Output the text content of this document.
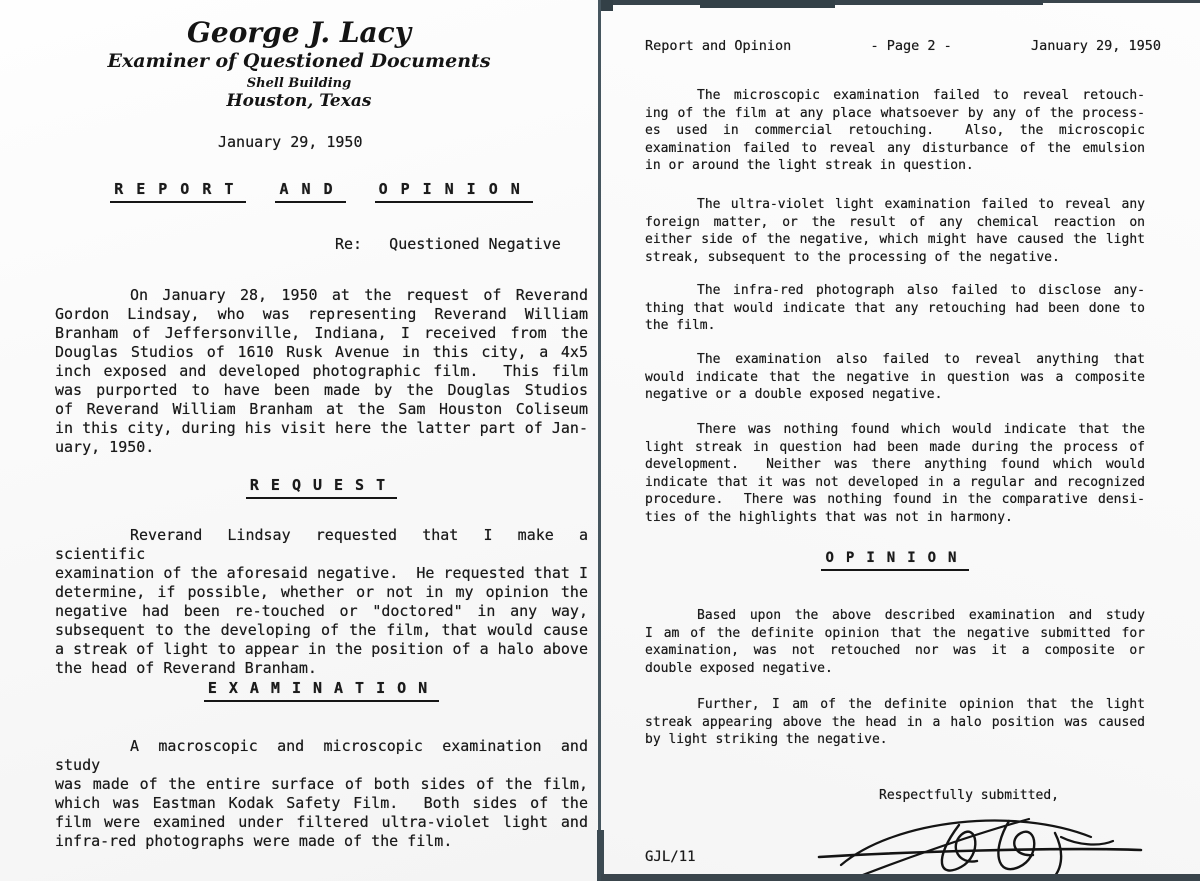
George J. Lacy
Examiner of Questioned Documents
Shell Building
Houston, Texas
January 29, 1950
REPORT AND OPINION
Re:   Questioned Negative
On January 28, 1950 at the request of Reverand
Gordon Lindsay, who was representing Reverand William
Branham of Jeffersonville, Indiana, I received from the
Douglas Studios of 1610 Rusk Avenue in this city, a 4x5
inch exposed and developed photographic film.  This film
was purported to have been made by the Douglas Studios
of Reverand William Branham at the Sam Houston Coliseum
in this city, during his visit here the latter part of Jan-
uary, 1950.
REQUEST
Reverand Lindsay requested that I make a scientific
examination of the aforesaid negative.  He requested that I
determine, if possible, whether or not in my opinion the
negative had been re-touched or "doctored" in any way,
subsequent to the developing of the film, that would cause
a streak of light to appear in the position of a halo above
the head of Reverand Branham.
EXAMINATION
A macroscopic and microscopic examination and study
was made of the entire surface of both sides of the film,
which was Eastman Kodak Safety Film.  Both sides of the
film were examined under filtered ultra-violet light and
infra-red photographs were made of the film.
Report and Opinion	- Page 2 -	January 29, 1950
The microscopic examination failed to reveal retouch-
ing of the film at any place whatsoever by any of the process-
es used in commercial retouching.  Also, the microscopic
examination failed to reveal any disturbance of the emulsion
in or around the light streak in question.
The ultra-violet light examination failed to reveal any
foreign matter, or the result of any chemical reaction on
either side of the negative, which might have caused the light
streak, subsequent to the processing of the negative.
The infra-red photograph also failed to disclose any-
thing that would indicate that any retouching had been done to
the film.
The examination also failed to reveal anything that
would indicate that the negative in question was a composite
negative or a double exposed negative.
There was nothing found which would indicate that the
light streak in question had been made during the process of
development.  Neither was there anything found which would
indicate that it was not developed in a regular and recognized
procedure.  There was nothing found in the comparative densi-
ties of the highlights that was not in harmony.
OPINION
Based upon the above described examination and study
I am of the definite opinion that the negative submitted for
examination, was not retouched nor was it a composite or
double exposed negative.
Further, I am of the definite opinion that the light
streak appearing above the head in a halo position was caused
by light striking the negative.
Respectfully submitted,
GJL/11
